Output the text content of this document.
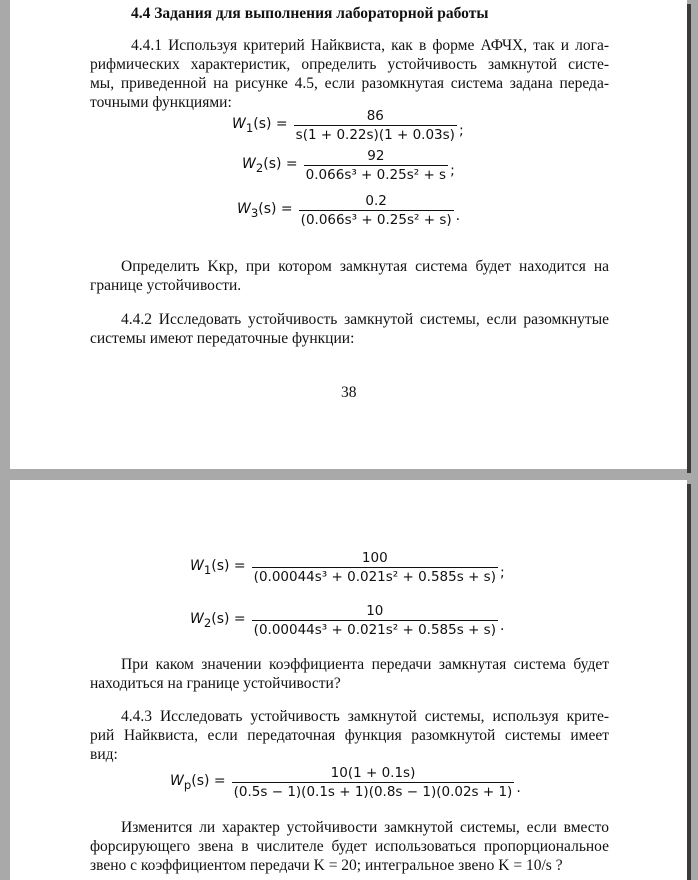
4.4 Задания для выполнения лабораторной работы
4.4.1 Используя критерий Найквиста, как в форме АФЧХ, так и лога-
рифмических характеристик, определить устойчивость замкнутой систе-
мы, приведенной на рисунке 4.5, если разомкнутая система задана переда-
точными функциями:
$W_1(s) = \frac{86}{s(1 + 0.22s)(1 + 0.03s)}$ ;
$W_2(s) = \frac{92}{\text{0.066s³ + 0.25s² + s}}$ ;
$W_3(s) = \frac{0.2}{\text{(0.066s³ + 0.25s² + s)}}$ .
Определить Kкр, при котором замкнутая система будет находится на
границе устойчивости.
4.4.2 Исследовать устойчивость замкнутой системы, если разомкнутые
системы имеют передаточные функции:
38
$W_1(s) = \frac{100}{\text{(0.00044s³ + 0.021s² + 0.585s + s)}}$ ;
$W_2(s) = \frac{10}{\text{(0.00044s³ + 0.021s² + 0.585s + s)}}$ .
При каком значении коэффициента передачи замкнутая система будет
находиться на границе устойчивости?
4.4.3 Исследовать устойчивость замкнутой системы, используя крите-
рий Найквиста, если передаточная функция разомкнутой системы имеет
вид:
$W_p(s) = \frac{10(1 + 0.1s)}{(0.5s - 1)(0.1s + 1)(0.8s - 1)(0.02s + 1)}$ .
Изменится ли характер устойчивости замкнутой системы, если вместо
форсирующего звена в числителе будет использоваться пропорциональное
звено с коэффициентом передачи K = 20; интегральное звено K = 10/s ?
